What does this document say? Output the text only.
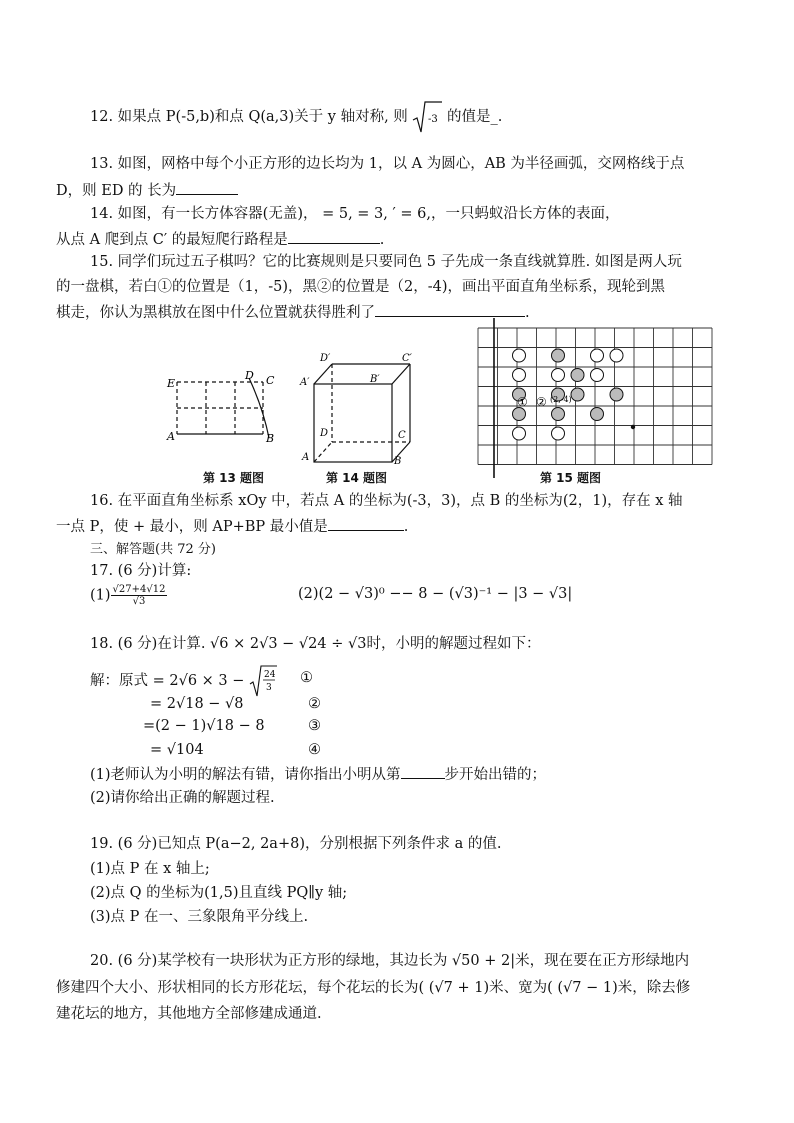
12. 如果点 P(-5,b)和点 Q(a,3)关于 y 轴对称, 则 -3 的值是_.
13. 如图，网格中每个小正方形的边长均为 1，以 A 为圆心，AB 为半径画弧，交网格线于点
D，则 ED 的 长为
14. 如图，有一长方体容器(无盖)， = 5, = 3, ′ = 6,，一只蚂蚁沿长方体的表面，
从点 A 爬到点 C′ 的最短爬行路程是	.
15. 同学们玩过五子棋吗？它的比赛规则是只要同色 5 子先成一条直线就算胜. 如图是两人玩
的一盘棋，若白①的位置是（1，-5)，黑②的位置是（2，-4)，画出平面直角坐标系，现轮到黑
棋走，你认为黑棋放在图中什么位置就获得胜利了	.
E
D C
A	B
第 13 题图
D′	C′
A′	B′
D	C
A	B
第 14 题图
① ② (2,-4)
第 15 题图
16. 在平面直角坐标系 xOy 中，若点 A 的坐标为(-3，3)，点 B 的坐标为(2，1)，存在 x 轴
一点 P，使 + 最小，则 AP+BP 最小值是	.
三、解答题(共 72 分)
17. (6 分)计算:
$(1) \frac{√27+4√12}{√3}$	(2)(2 − √3)⁰ −− 8 − (√3)⁻¹ − |3 − √3|
18. (6 分)在计算. √6 × 2√3 − √24 ÷ √3时，小明的解题过程如下：
解：原式 = 2√6 × 3 − 24
3
①
= 2√18 − √8	②
=(2 − 1)√18 − 8	③
= √104	④
(1)老师认为小明的解法有错，请你指出小明从第	步开始出错的；
(2)请你给出正确的解题过程.
19. (6 分)已知点 P(a−2, 2a+8)，分别根据下列条件求 a 的值.
(1)点 P 在 x 轴上;
(2)点 Q 的坐标为(1,5)且直线 PQ∥y 轴;
(3)点 P 在一、三象限角平分线上.
20. (6 分)某学校有一块形状为正方形的绿地，其边长为 √50 + 2|米，现在要在正方形绿地内
修建四个大小、形状相同的长方形花坛，每个花坛的长为( (√7 + 1)米、宽为( (√7 − 1)米，除去修
建花坛的地方，其他地方全部修建成通道.
